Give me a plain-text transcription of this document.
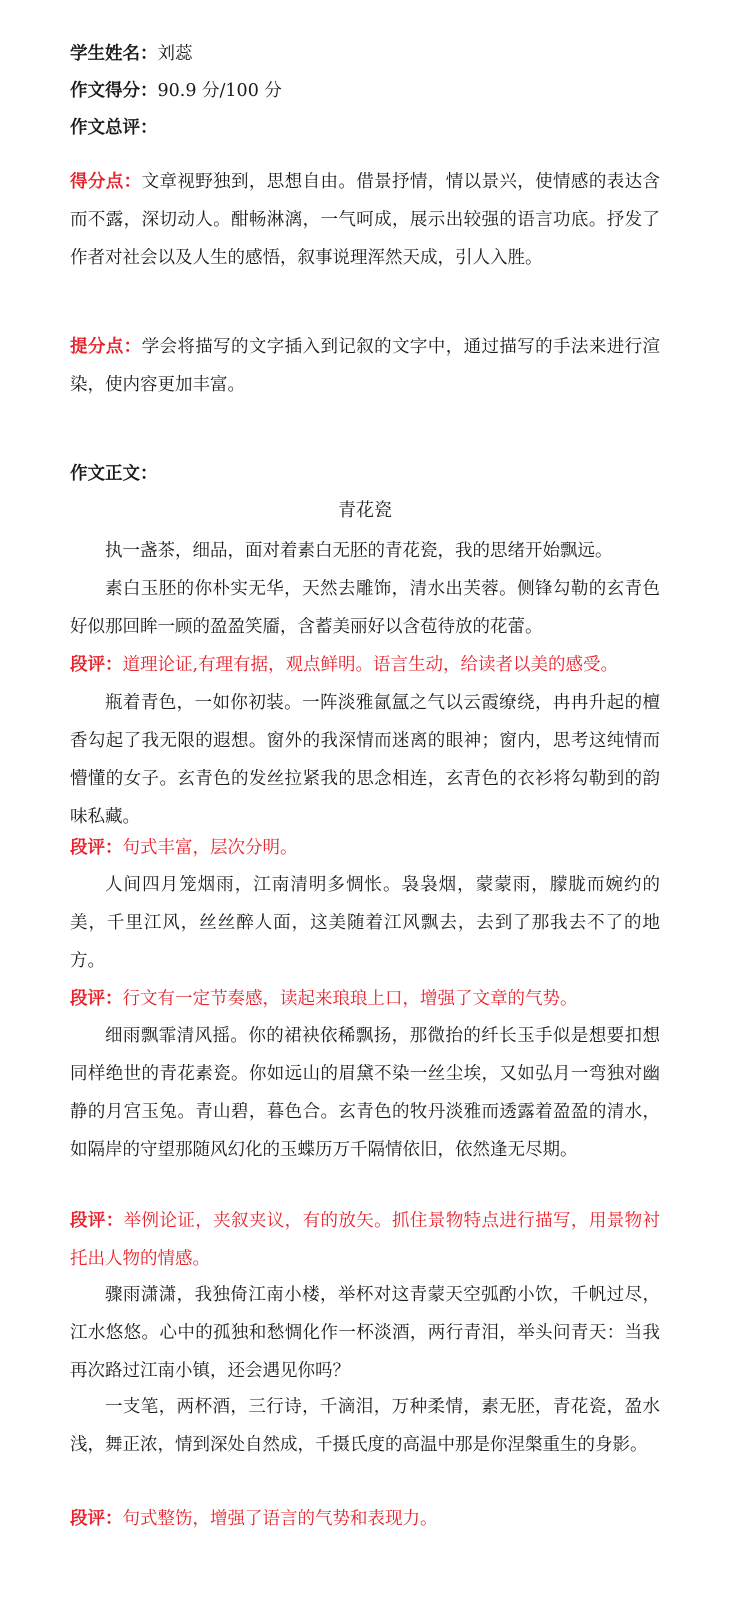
学生姓名：刘蕊
作文得分：90.9 分/100 分
作文总评：
得分点：文章视野独到，思想自由。借景抒情，情以景兴，使情感的表达含而不露，深切动人。酣畅淋漓，一气呵成，展示出较强的语言功底。抒发了作者对社会以及人生的感悟，叙事说理浑然天成，引人入胜。
提分点：学会将描写的文字插入到记叙的文字中，通过描写的手法来进行渲染，使内容更加丰富。
作文正文：
青花瓷
执一盏茶，细品，面对着素白无胚的青花瓷，我的思绪开始飘远。
素白玉胚的你朴实无华，天然去雕饰，清水出芙蓉。侧锋勾勒的玄青色好似那回眸一顾的盈盈笑靥，含蓄美丽好以含苞待放的花蕾。
段评：道理论证,有理有据，观点鲜明。语言生动，给读者以美的感受。
瓶着青色，一如你初装。一阵淡雅氤氲之气以云霞缭绕，冉冉升起的檀香勾起了我无限的遐想。窗外的我深情而迷离的眼神；窗内，思考这纯情而懵懂的女子。玄青色的发丝拉紧我的思念相连，玄青色的衣衫将勾勒到的韵味私藏。
段评：句式丰富，层次分明。
人间四月笼烟雨，江南清明多惆怅。袅袅烟，蒙蒙雨，朦胧而婉约的美，千里江风，丝丝醉人面，这美随着江风飘去，去到了那我去不了的地方。
段评：行文有一定节奏感，读起来琅琅上口，增强了文章的气势。
细雨飘霏清风摇。你的裙袂依稀飘扬，那微抬的纤长玉手似是想要扣想同样绝世的青花素瓷。你如远山的眉黛不染一丝尘埃，又如弘月一弯独对幽静的月宫玉兔。青山碧，暮色合。玄青色的牧丹淡雅而透露着盈盈的清水，如隔岸的守望那随风幻化的玉蝶历万千隔情依旧，依然逢无尽期。
段评：举例论证，夹叙夹议，有的放矢。抓住景物特点进行描写，用景物衬托出人物的情感。
骤雨潇潇，我独倚江南小楼，举杯对这青蒙天空弧酌小饮，千帆过尽，江水悠悠。心中的孤独和愁惆化作一杯淡酒，两行青泪，举头问青天：当我再次路过江南小镇，还会遇见你吗？
一支笔，两杯酒，三行诗，千滴泪，万种柔情，素无胚，青花瓷，盈水浅，舞正浓，情到深处自然成，千摄氏度的高温中那是你涅槃重生的身影。
段评：句式整饬，增强了语言的气势和表现力。
